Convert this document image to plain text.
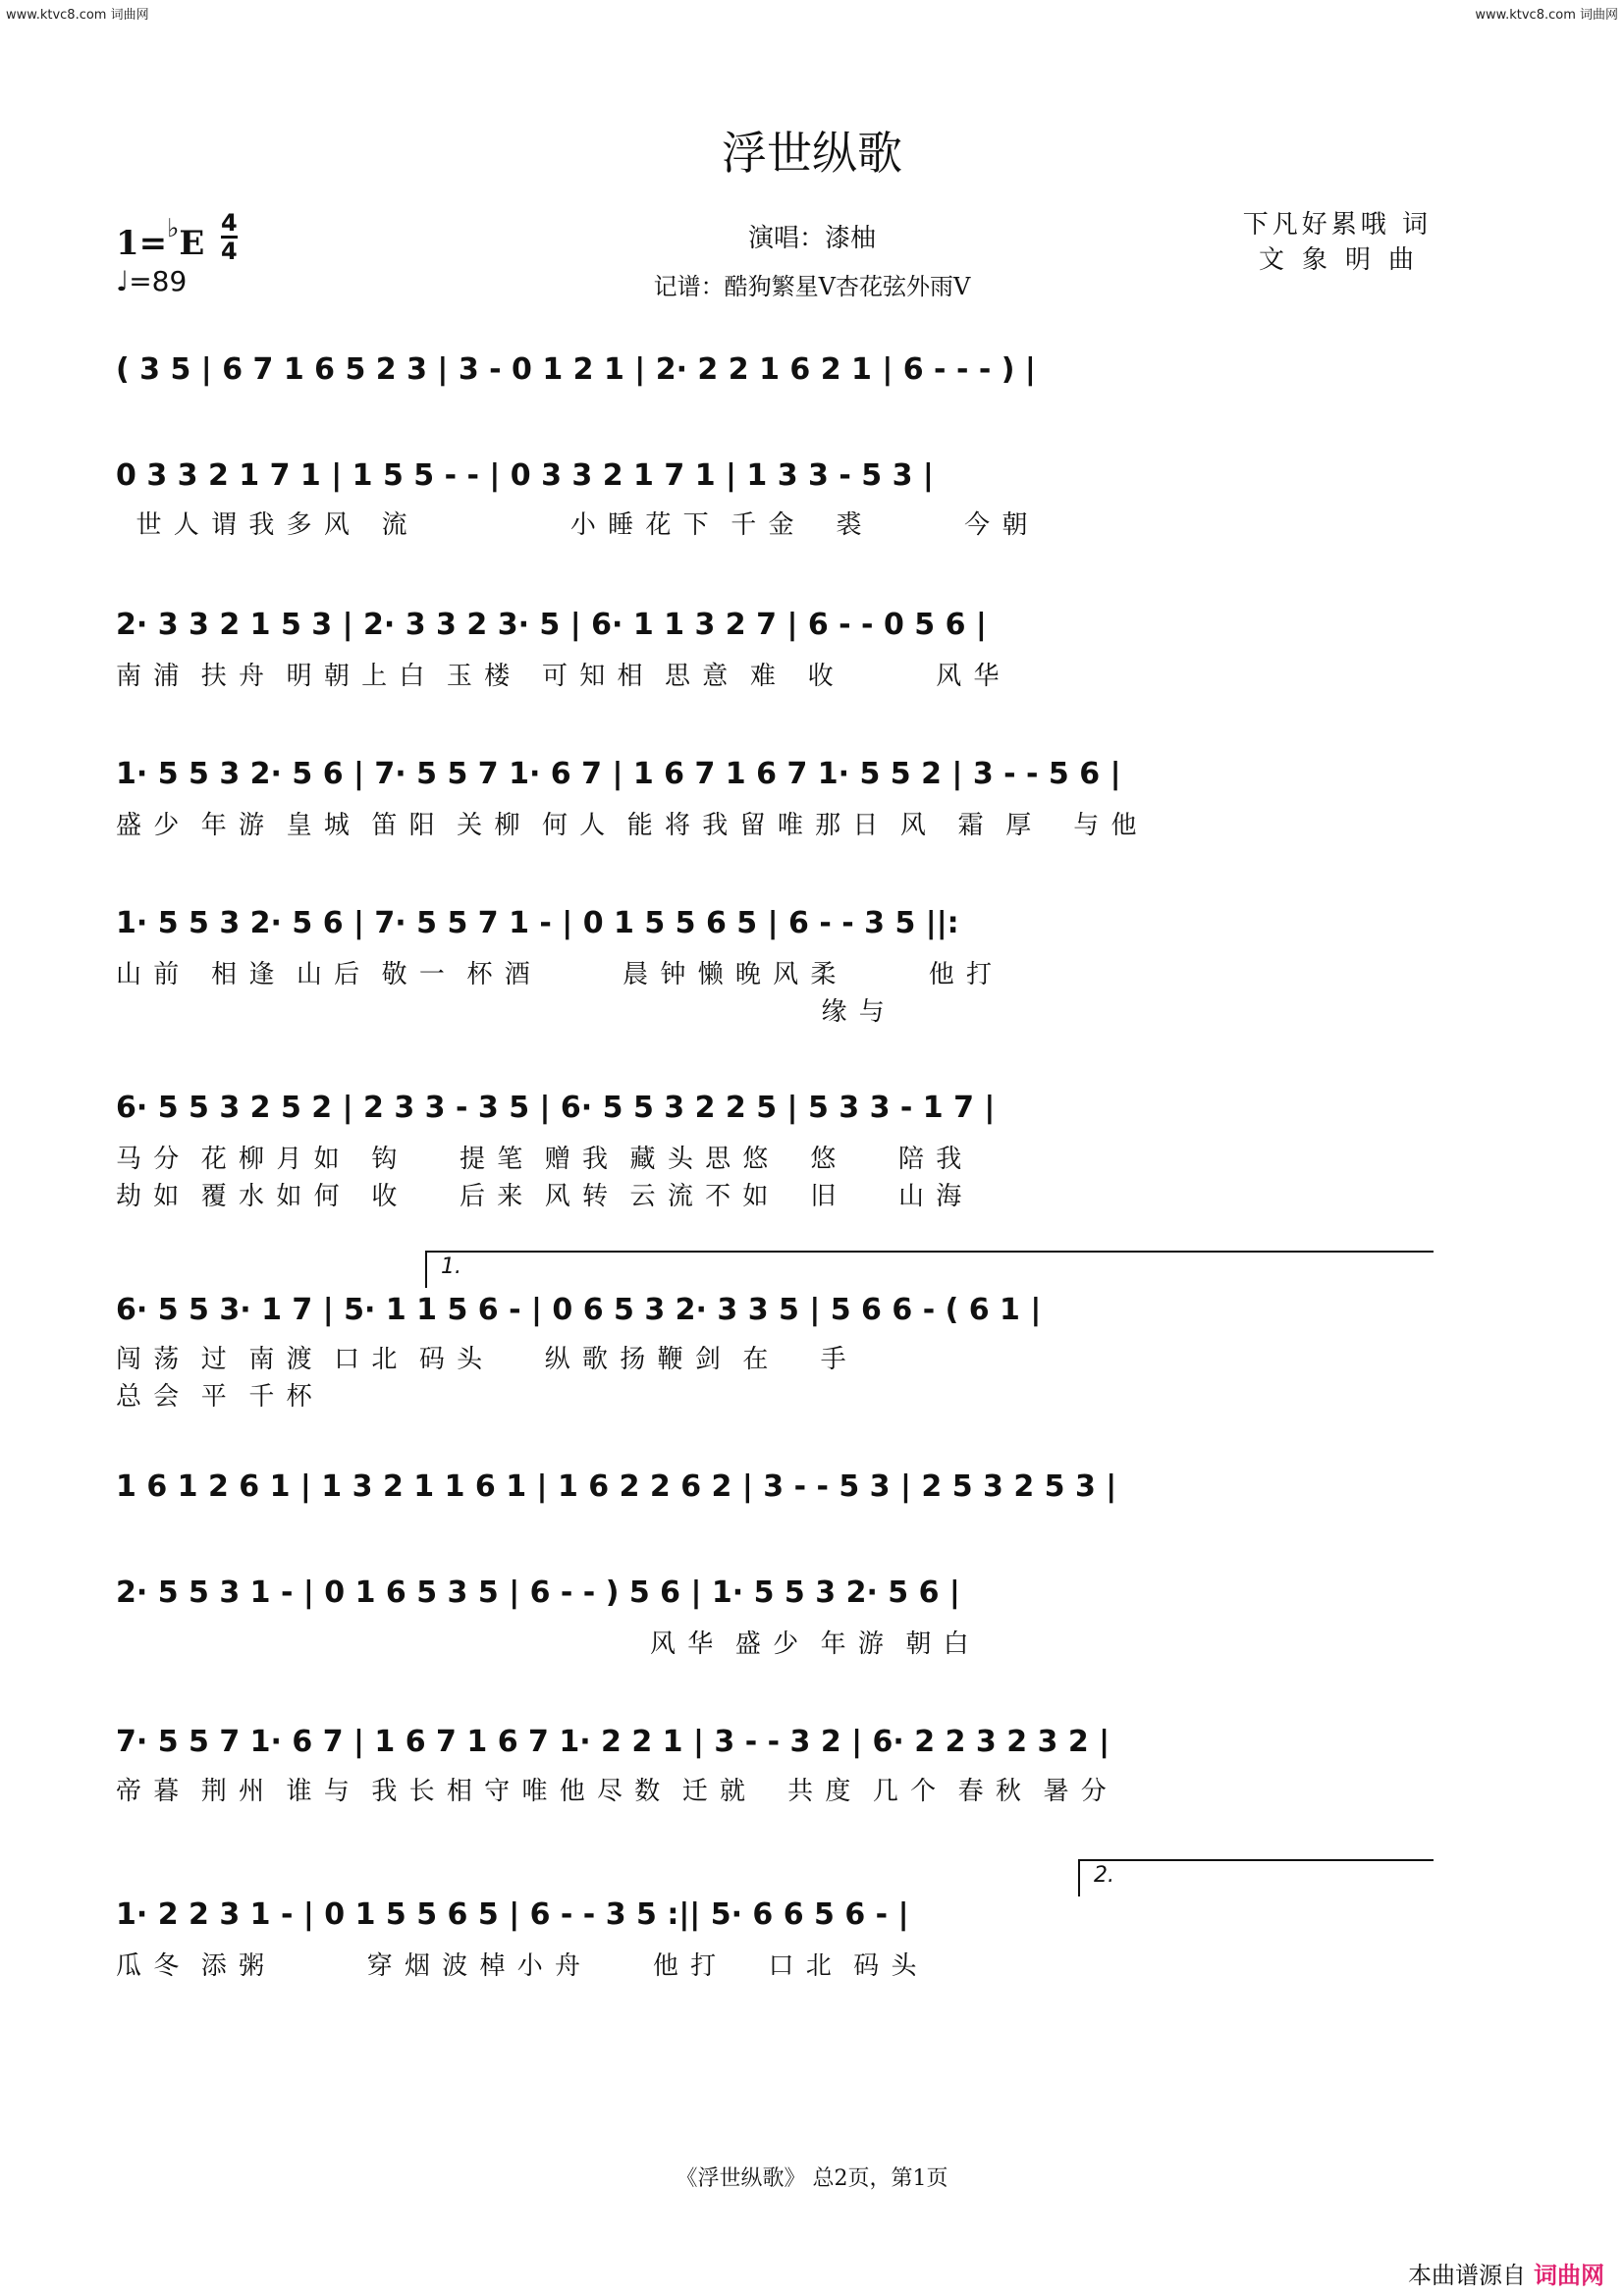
www.ktvc8.com 词曲网	www.ktvc8.com 词曲网
浮世纵歌
1=♭E
4
4
♩=89
演唱：漆柚
记谱：酷狗繁星V杏花弦外雨V
下凡好累哦 词
文象明曲
( 3 5 | 6 7 1 6 5 2 3 | 3 - 0 1 2 1 | 2· 2 2 1 6 2 1 | 6 - - - ) |
0 3 3 2 1 7 1 | 1 5 5 - - | 0 3 3 2 1 7 1 | 1 3 3 - 5 3 |
世 人 谓 我 多 风   流                小 睡 花 下  千 金    裘          今 朝
2· 3 3 2 1 5 3 | 2· 3 3 2 3· 5 | 6· 1 1 3 2 7 | 6 - - 0 5 6 |
南 浦  扶 舟  明 朝 上 白  玉 楼   可 知 相  思 意  难   收          风 华
1· 5 5 3 2· 5 6 | 7· 5 5 7 1· 6 7 | 1 6 7 1 6 7 1· 5 5 2 | 3 - - 5 6 |
盛 少  年 游  皇 城  笛 阳  关 柳  何 人  能 将 我 留 唯 那 日  风   霜  厚    与 他
1· 5 5 3 2· 5 6 | 7· 5 5 7 1 - | 0 1 5 5 6 5 | 6 - - 3 5 ||:
山 前   相 逢  山 后  敬 一  杯 酒         晨 钟 懒 晚 风 柔         他 打
缘 与
6· 5 5 3 2 5 2 | 2 3 3 - 3 5 | 6· 5 5 3 2 2 5 | 5 3 3 - 1 7 |
马 分  花 柳 月 如   钩      提 笔  赠 我  藏 头 思 悠    悠      陪 我
劫 如  覆 水 如 何   收      后 来  风 转  云 流 不 如    旧      山 海
1.
6· 5 5 3· 1 7 | 5· 1 1 5 6 - | 0 6 5 3 2· 3 3 5 | 5 6 6 - ( 6 1 |
闯 荡  过  南 渡  口 北  码 头      纵 歌 扬 鞭 剑  在     手
总 会  平  千 杯
1 6 1 2 6 1 | 1 3 2 1 1 6 1 | 1 6 2 2 6 2 | 3 - - 5 3 | 2 5 3 2 5 3 |
2· 5 5 3 1 - | 0 1 6 5 3 5 | 6 - - ) 5 6 | 1· 5 5 3 2· 5 6 |
风 华  盛 少  年 游  朝 白
7· 5 5 7 1· 6 7 | 1 6 7 1 6 7 1· 2 2 1 | 3 - - 3 2 | 6· 2 2 3 2 3 2 |
帝 暮  荆 州  谁 与  我 长 相 守 唯 他 尽 数  迁 就    共 度  几 个  春 秋  暑 分
2.
1· 2 2 3 1 - | 0 1 5 5 6 5 | 6 - - 3 5 :|| 5· 6 6 5 6 - |
瓜 冬  添 粥          穿 烟 波 棹 小 舟       他 打     口 北  码 头
《浮世纵歌》 总2页，第1页
本曲谱源自 词曲网
